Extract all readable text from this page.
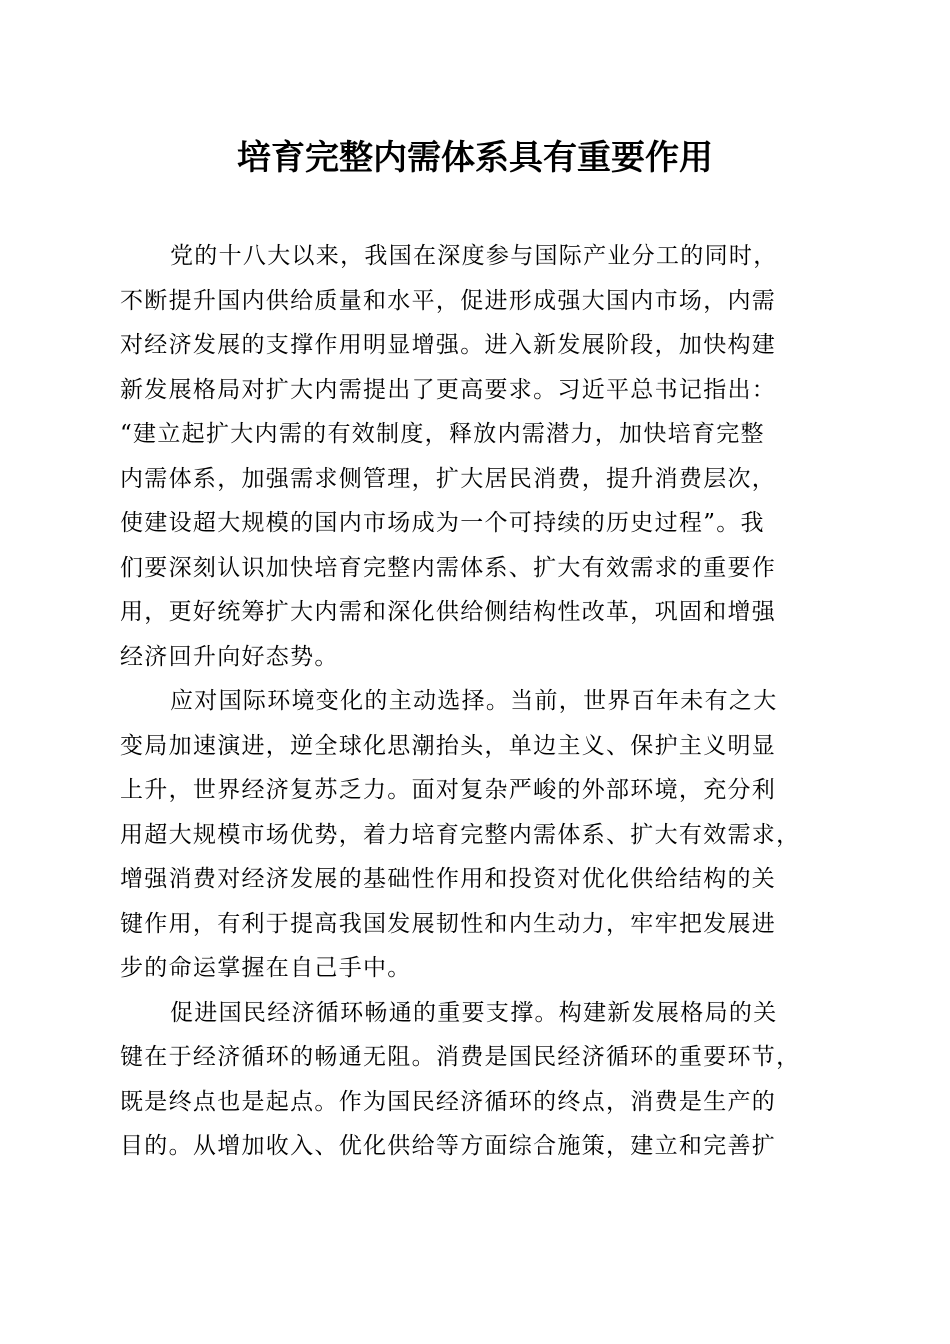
培育完整内需体系具有重要作用
党的十八大以来，我国在深度参与国际产业分工的同时，
不断提升国内供给质量和水平，促进形成强大国内市场，内需
对经济发展的支撑作用明显增强。进入新发展阶段，加快构建
新发展格局对扩大内需提出了更高要求。习近平总书记指出：
“建立起扩大内需的有效制度，释放内需潜力，加快培育完整
内需体系，加强需求侧管理，扩大居民消费，提升消费层次，
使建设超大规模的国内市场成为一个可持续的历史过程”。我
们要深刻认识加快培育完整内需体系、扩大有效需求的重要作
用，更好统筹扩大内需和深化供给侧结构性改革，巩固和增强
经济回升向好态势。
应对国际环境变化的主动选择。当前，世界百年未有之大
变局加速演进，逆全球化思潮抬头，单边主义、保护主义明显
上升，世界经济复苏乏力。面对复杂严峻的外部环境，充分利
用超大规模市场优势，着力培育完整内需体系、扩大有效需求，
增强消费对经济发展的基础性作用和投资对优化供给结构的关
键作用，有利于提高我国发展韧性和内生动力，牢牢把发展进
步的命运掌握在自己手中。
促进国民经济循环畅通的重要支撑。构建新发展格局的关
键在于经济循环的畅通无阻。消费是国民经济循环的重要环节，
既是终点也是起点。作为国民经济循环的终点，消费是生产的
目的。从增加收入、优化供给等方面综合施策，建立和完善扩
